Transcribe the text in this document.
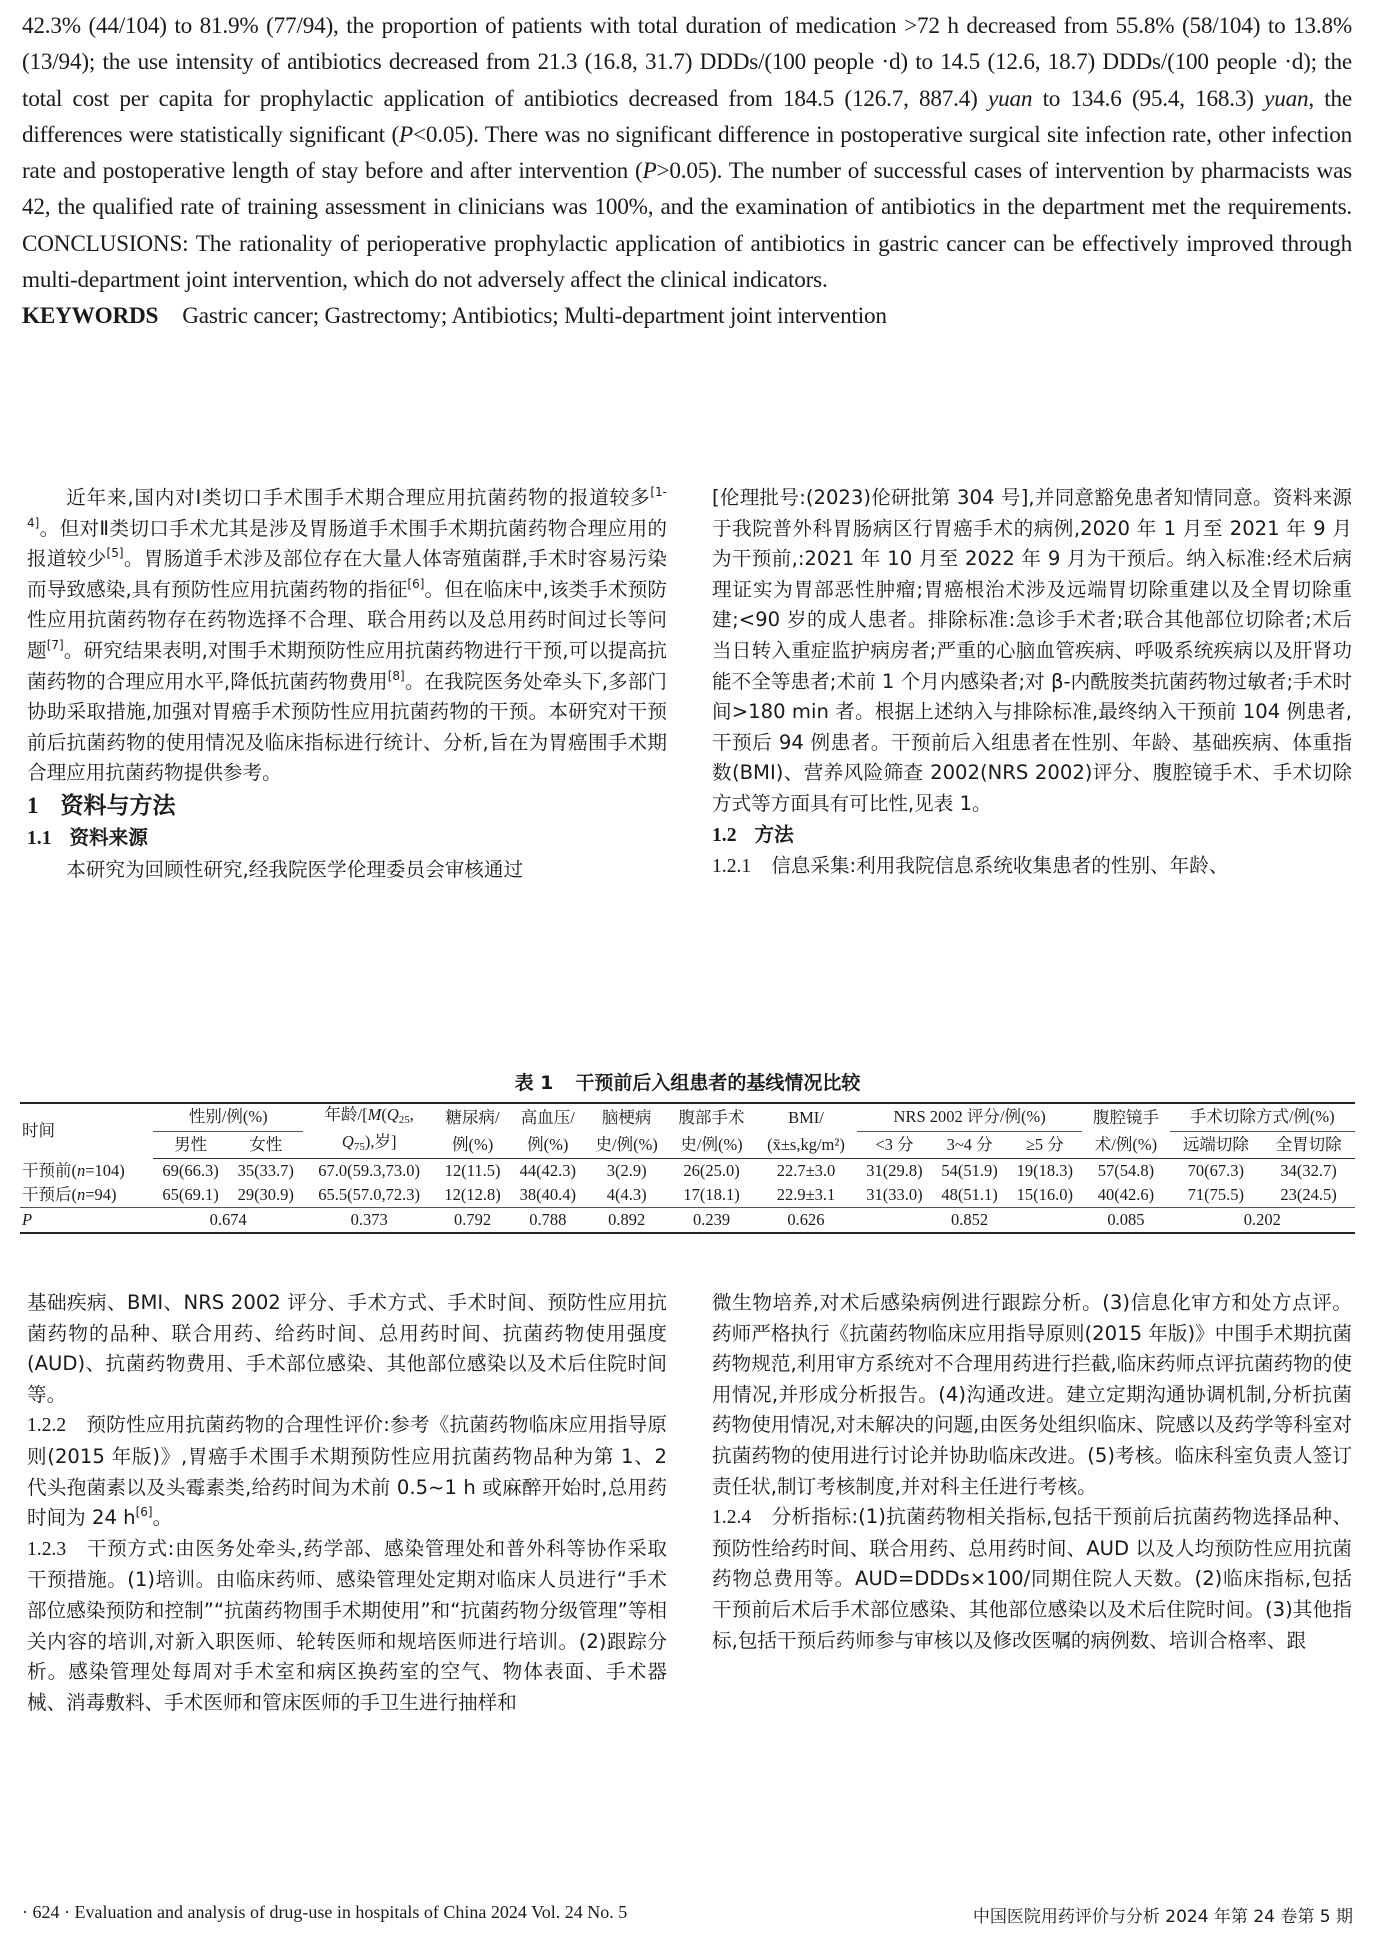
42.3% (44/104) to 81.9% (77/94), the proportion of patients with total duration of medication >72 h decreased from 55.8% (58/104) to 13.8% (13/94); the use intensity of antibiotics decreased from 21.3 (16.8, 31.7) DDDs/(100 people ·d) to 14.5 (12.6, 18.7) DDDs/(100 people ·d); the total cost per capita for prophylactic application of antibiotics decreased from 184.5 (126.7, 887.4) yuan to 134.6 (95.4, 168.3) yuan, the differences were statistically significant (P<0.05). There was no significant difference in postoperative surgical site infection rate, other infection rate and postoperative length of stay before and after intervention (P>0.05). The number of successful cases of intervention by pharmacists was 42, the qualified rate of training assessment in clinicians was 100%, and the examination of antibiotics in the department met the requirements. CONCLUSIONS: The rationality of perioperative prophylactic application of antibiotics in gastric cancer can be effectively improved through multi-department joint intervention, which do not adversely affect the clinical indicators.

KEYWORDS Gastric cancer; Gastrectomy; Antibiotics; Multi-department joint intervention

近年来,国内对Ⅰ类切口手术围手术期合理应用抗菌药物的报道较多[1-4]。但对Ⅱ类切口手术尤其是涉及胃肠道手术围手术期抗菌药物合理应用的报道较少[5]。胃肠道手术涉及部位存在大量人体寄殖菌群,手术时容易污染而导致感染,具有预防性应用抗菌药物的指征[6]。但在临床中,该类手术预防性应用抗菌药物存在药物选择不合理、联合用药以及总用药时间过长等问题[7]。研究结果表明,对围手术期预防性应用抗菌药物进行干预,可以提高抗菌药物的合理应用水平,降低抗菌药物费用[8]。在我院医务处牵头下,多部门协助采取措施,加强对胃癌手术预防性应用抗菌药物的干预。本研究对干预前后抗菌药物的使用情况及临床指标进行统计、分析,旨在为胃癌围手术期合理应用抗菌药物提供参考。

1 资料与方法

1.1 资料来源

本研究为回顾性研究,经我院医学伦理委员会审核通过

[伦理批号:(2023)伦研批第 304 号],并同意豁免患者知情同意。资料来源于我院普外科胃肠病区行胃癌手术的病例,2020 年 1 月至 2021 年 9 月为干预前,:2021 年 10 月至 2022 年 9 月为干预后。纳入标准:经术后病理证实为胃部恶性肿瘤;胃癌根治术涉及远端胃切除重建以及全胃切除重建;<90 岁的成人患者。排除标准:急诊手术者;联合其他部位切除者;术后当日转入重症监护病房者;严重的心脑血管疾病、呼吸系统疾病以及肝肾功能不全等患者;术前 1 个月内感染者;对 β-内酰胺类抗菌药物过敏者;手术时间>180 min 者。根据上述纳入与排除标准,最终纳入干预前 104 例患者,干预后 94 例患者。干预前后入组患者在性别、年龄、基础疾病、体重指数(BMI)、营养风险筛查 2002(NRS 2002)评分、腹腔镜手术、手术切除方式等方面具有可比性,见表 1。

1.2 方法

1.2.1 信息采集:利用我院信息系统收集患者的性别、年龄、

表 1 干预前后入组患者的基线情况比较
时间	性别/例(%)		年龄$/[M(Q_{25}$,	糖尿病/	高血压/	脑梗病	腹部手术	BMI/	NRS 2002 评分/例(%)			腹腔镜手	手术切除方式/例(%)	
	男性	女性	$Q_{75}$),岁]	例(%)	例(%)	史/例(%)	史/例(%)	(x̄±s,kg/m²)	<3 分	3~4 分	≥5 分	术/例(%)	远端切除	全胃切除
干预前(n=104)	69(66.3)	35(33.7)	67.0(59.3,73.0)	12(11.5)	44(42.3)	3(2.9)	26(25.0)	22.7±3.0	31(29.8)	54(51.9)	19(18.3)	57(54.8)	70(67.3)	34(32.7)
干预后(n=94)	65(69.1)	29(30.9)	65.5(57.0,72.3)	12(12.8)	38(40.4)	4(4.3)	17(18.1)	22.9±3.1	31(33.0)	48(51.1)	15(16.0)	40(42.6)	71(75.5)	23(24.5)
P	0.674		0.373	0.792	0.788	0.892	0.239	0.626	0.852			0.085	0.202	

基础疾病、BMI、NRS 2002 评分、手术方式、手术时间、预防性应用抗菌药物的品种、联合用药、给药时间、总用药时间、抗菌药物使用强度(AUD)、抗菌药物费用、手术部位感染、其他部位感染以及术后住院时间等。

1.2.2 预防性应用抗菌药物的合理性评价:参考《抗菌药物临床应用指导原则(2015 年版)》,胃癌手术围手术期预防性应用抗菌药物品种为第 1、2 代头孢菌素以及头霉素类,给药时间为术前 0.5~1 h 或麻醉开始时,总用药时间为 24 h[6]。

1.2.3 干预方式:由医务处牵头,药学部、感染管理处和普外科等协作采取干预措施。(1)培训。由临床药师、感染管理处定期对临床人员进行“手术部位感染预防和控制”“抗菌药物围手术期使用”和“抗菌药物分级管理”等相关内容的培训,对新入职医师、轮转医师和规培医师进行培训。(2)跟踪分析。感染管理处每周对手术室和病区换药室的空气、物体表面、手术器械、消毒敷料、手术医师和管床医师的手卫生进行抽样和

微生物培养,对术后感染病例进行跟踪分析。(3)信息化审方和处方点评。药师严格执行《抗菌药物临床应用指导原则(2015 年版)》中围手术期抗菌药物规范,利用审方系统对不合理用药进行拦截,临床药师点评抗菌药物的使用情况,并形成分析报告。(4)沟通改进。建立定期沟通协调机制,分析抗菌药物使用情况,对未解决的问题,由医务处组织临床、院感以及药学等科室对抗菌药物的使用进行讨论并协助临床改进。(5)考核。临床科室负责人签订责任状,制订考核制度,并对科主任进行考核。

1.2.4 分析指标:(1)抗菌药物相关指标,包括干预前后抗菌药物选择品种、预防性给药时间、联合用药、总用药时间、AUD 以及人均预防性应用抗菌药物总费用等。AUD=DDDs×100/同期住院人天数。(2)临床指标,包括干预前后术后手术部位感染、其他部位感染以及术后住院时间。(3)其他指标,包括干预后药师参与审核以及修改医嘱的病例数、培训合格率、跟

· 624 · Evaluation and analysis of drug-use in hospitals of China 2024 Vol. 24 No. 5	中国医院用药评价与分析 2024 年第 24 卷第 5 期
